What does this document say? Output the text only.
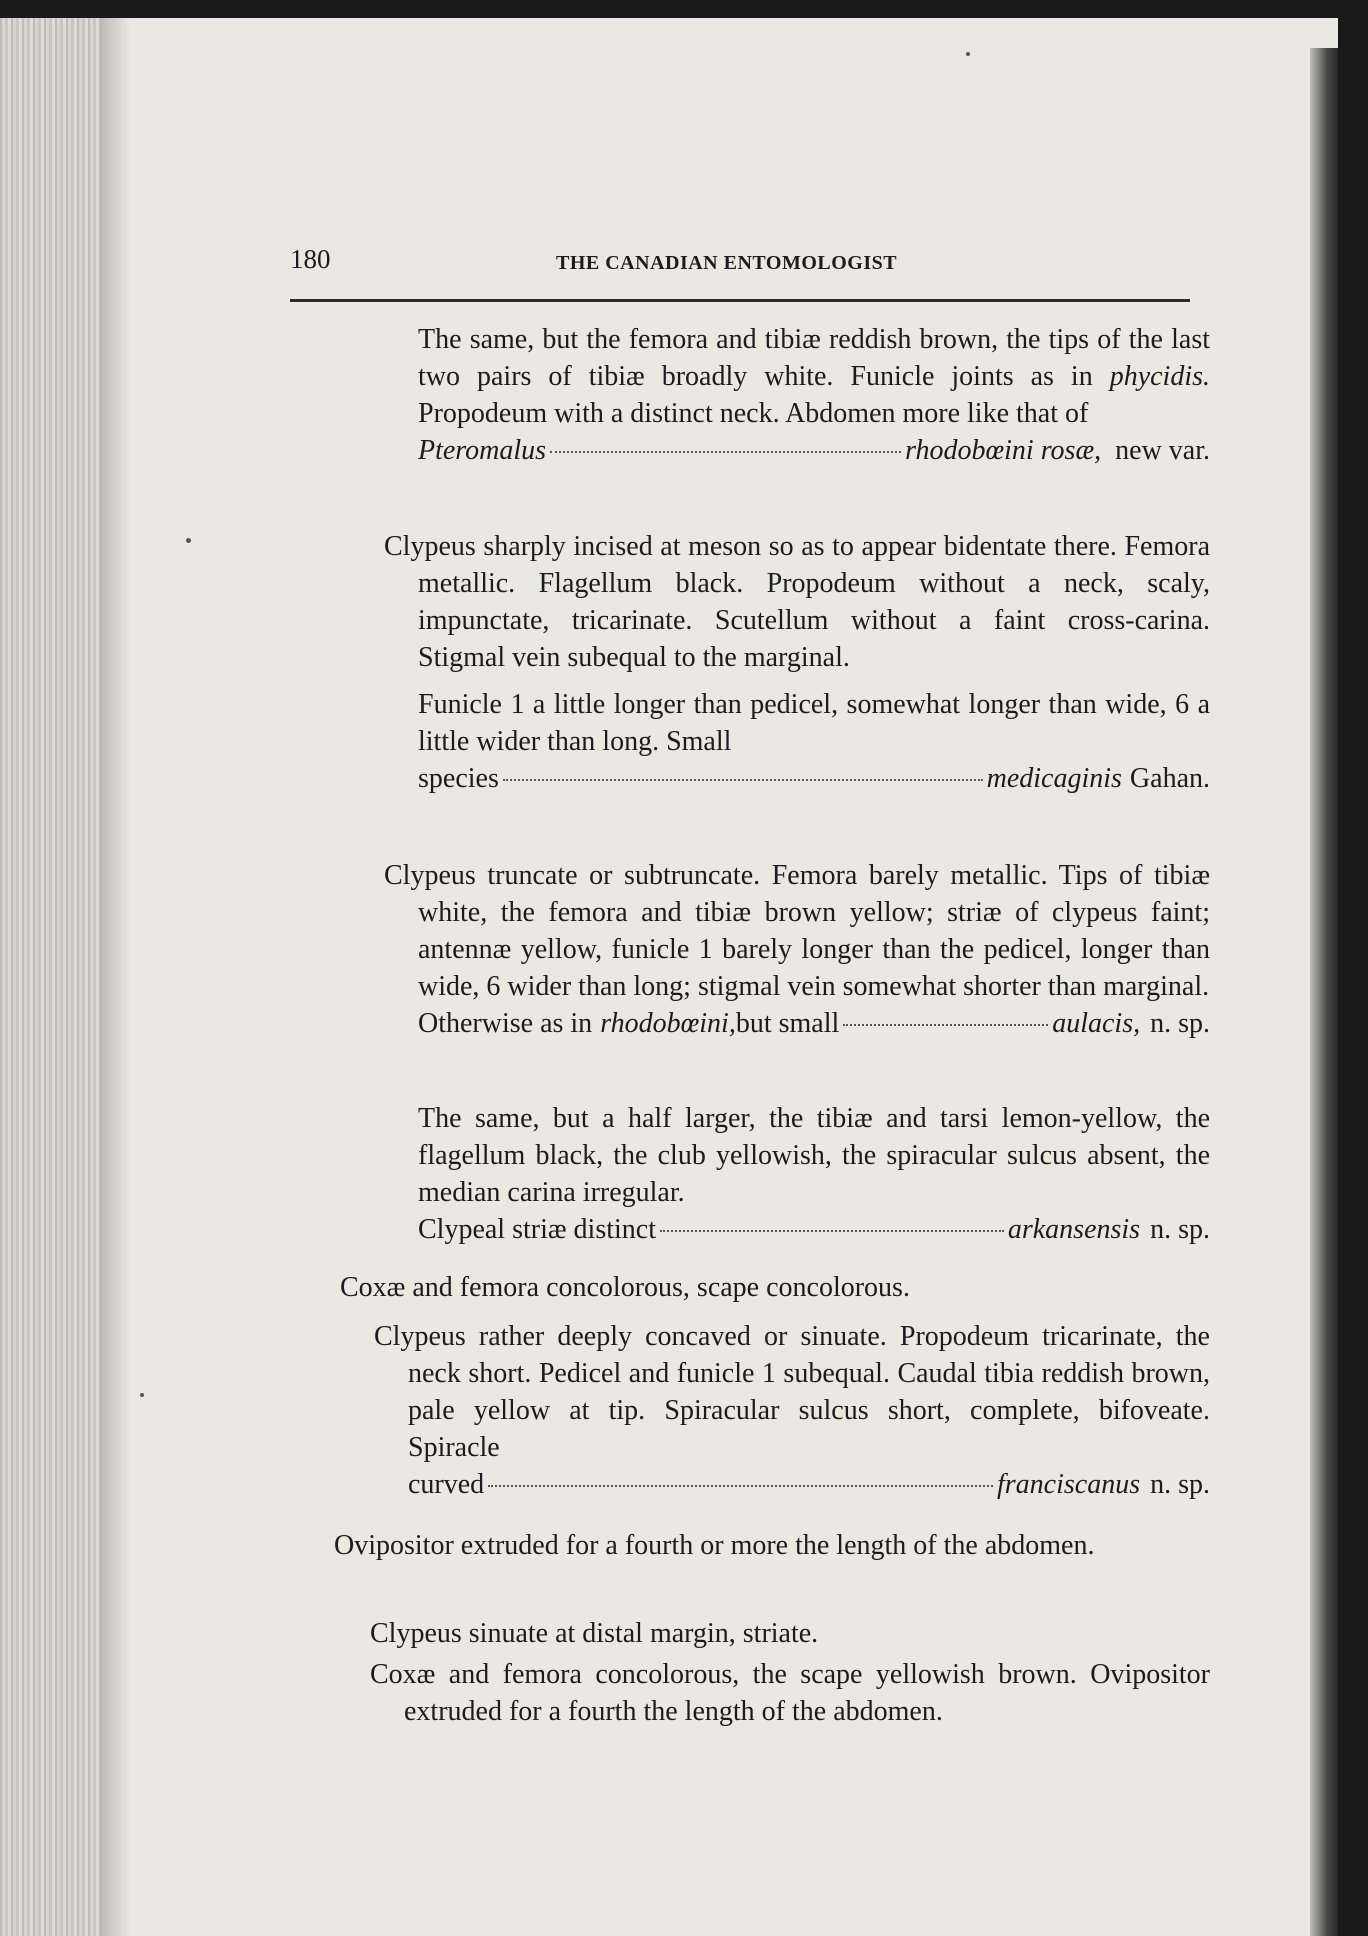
180	THE CANADIAN ENTOMOLOGIST
The same, but the femora and tibiæ reddish brown, the tips of the last two pairs of tibiæ broadly white. Funicle joints as in phycidis. Propodeum with a distinct neck. Abdomen more like that of
Pteromalus	rhodobœini rosæ, new var.
Clypeus sharply incised at meson so as to appear bidentate there. Femora metallic. Flagellum black. Propodeum without a neck, scaly, impunctate, tricarinate. Scutellum without a faint cross-carina. Stigmal vein subequal to the marginal.
Funicle 1 a little longer than pedicel, somewhat longer than wide, 6 a little wider than long. Small
species	medicaginis Gahan.
Clypeus truncate or subtruncate. Femora barely metallic. Tips of tibiæ white, the femora and tibiæ brown yellow; striæ of clypeus faint; antennæ yellow, funicle 1 barely longer than the pedicel, longer than wide, 6 wider than long; stigmal vein somewhat shorter than marginal.
Otherwise as in rhodobœini, but small	aulacis, n. sp.
The same, but a half larger, the tibiæ and tarsi lemon-yellow, the flagellum black, the club yellowish, the spiracular sulcus absent, the median carina irregular.
Clypeal striæ distinct	arkansensis n. sp.
Coxæ and femora concolorous, scape concolorous.
Clypeus rather deeply concaved or sinuate. Propodeum tricarinate, the neck short. Pedicel and funicle 1 subequal. Caudal tibia reddish brown, pale yellow at tip. Spiracular sulcus short, complete, bifoveate. Spiracle
curved	franciscanus n. sp.
Ovipositor extruded for a fourth or more the length of the abdomen.
Clypeus sinuate at distal margin, striate.
Coxæ and femora concolorous, the scape yellowish brown. Ovipositor extruded for a fourth the length of the abdomen.
